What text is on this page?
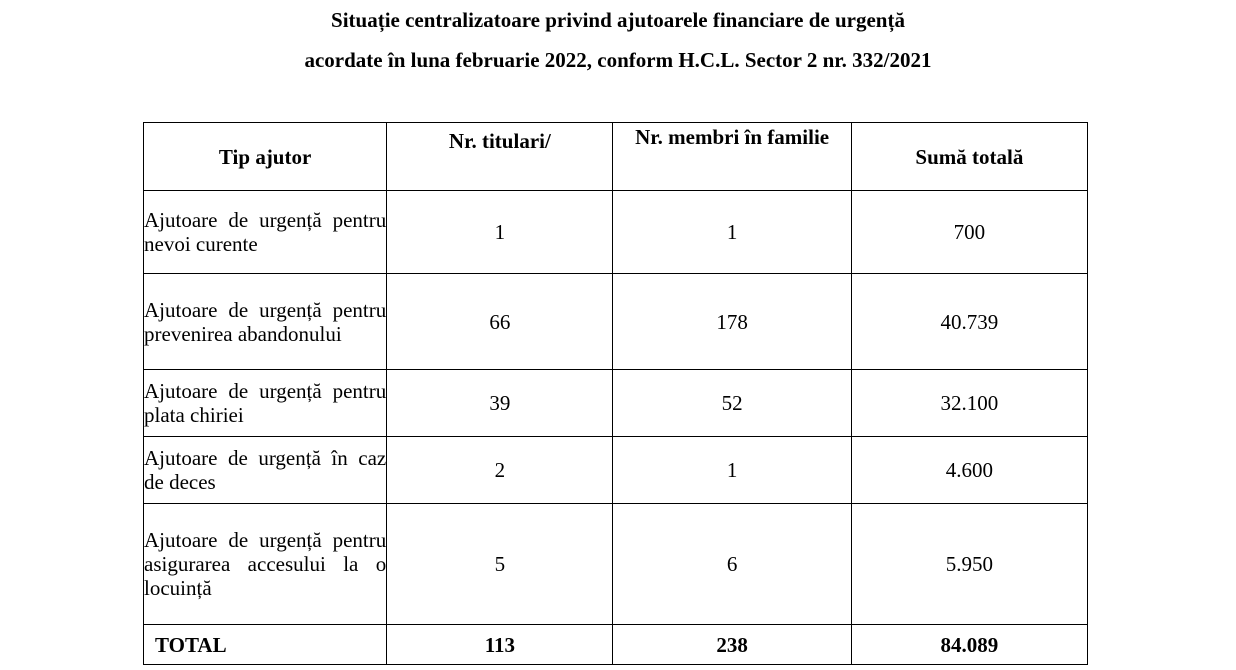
Situație centralizatoare privind ajutoarele financiare de urgență
acordate în luna februarie 2022, conform H.C.L. Sector 2 nr. 332/2021
Tip ajutor	Nr. titulari/	Nr. membri în familie	Sumă totală

Ajutoare de urgență pentru nevoi curente	1	1	700
Ajutoare de urgență pentru prevenirea abandonului	66	178	40.739
Ajutoare de urgență pentru plata chiriei	39	52	32.100
Ajutoare de urgență în caz de deces	2	1	4.600
Ajutoare de urgență pentru asigurarea accesului la o locuință	5	6	5.950
TOTAL	113	238	84.089
